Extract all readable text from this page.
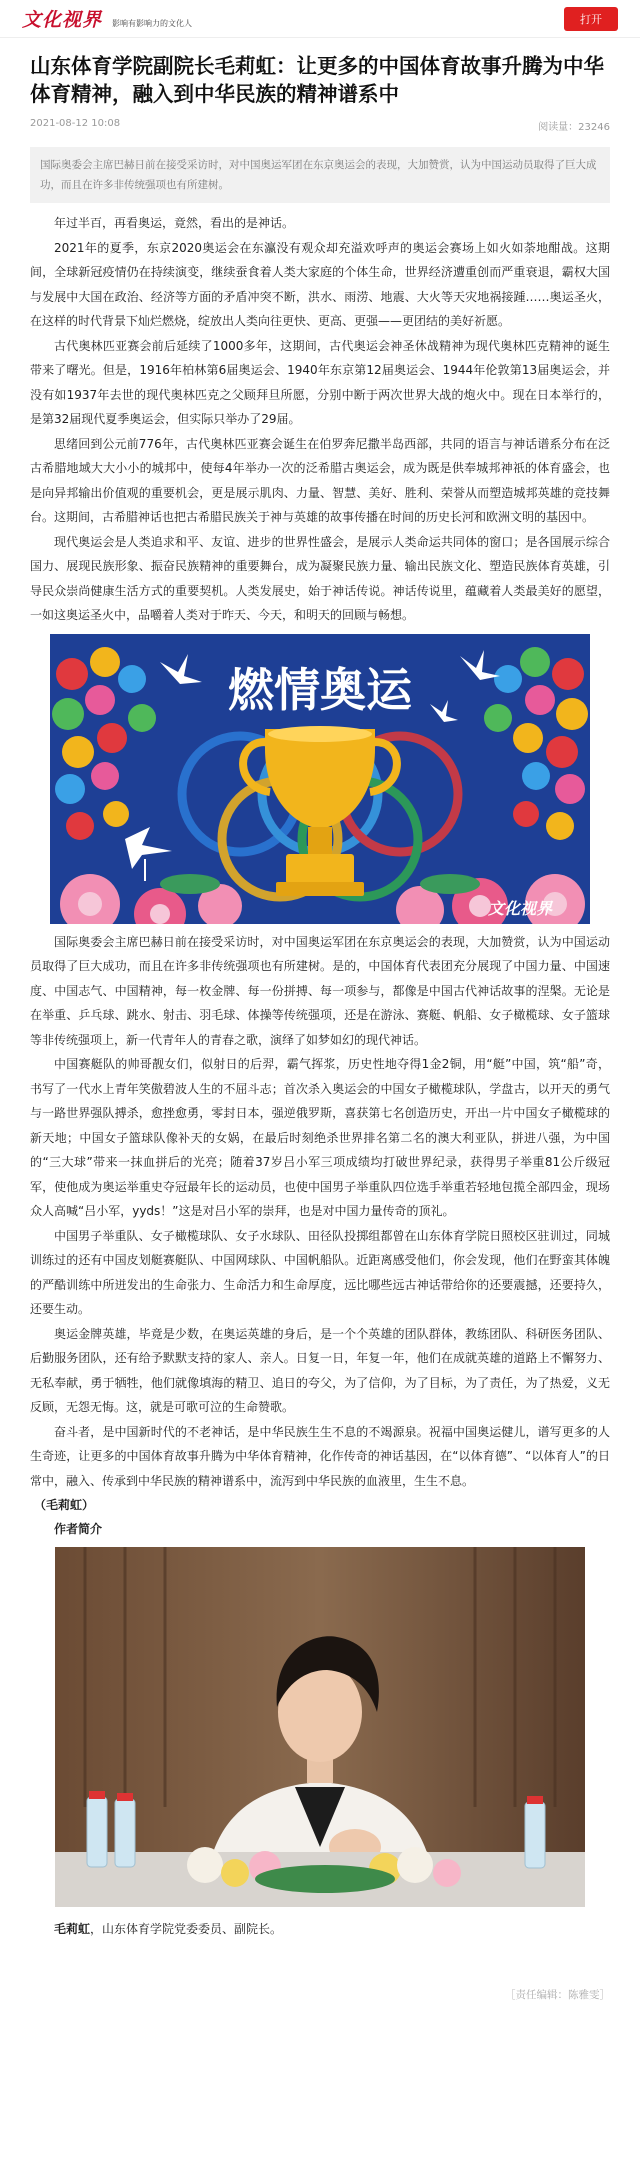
文化视界 影响有影响力的文化人	打开
山东体育学院副院长毛莉虹：让更多的中国体育故事升腾为中华体育精神，融入到中华民族的精神谱系中
2021-08-12 10:08	阅读量：23246
国际奥委会主席巴赫日前在接受采访时，对中国奥运军团在东京奥运会的表现，大加赞赏，认为中国运动员取得了巨大成功，而且在许多非传统强项也有所建树。

年过半百，再看奥运，竟然，看出的是神话。

2021年的夏季，东京2020奥运会在东瀛没有观众却充溢欢呼声的奥运会赛场上如火如荼地酣战。这期间，全球新冠疫情仍在持续演变，继续蚕食着人类大家庭的个体生命，世界经济遭重创而严重衰退，霸权大国与发展中大国在政治、经济等方面的矛盾冲突不断，洪水、雨涝、地震、大火等天灾地祸接踵……奥运圣火，在这样的时代背景下灿烂燃烧，绽放出人类向往更快、更高、更强——更团结的美好祈愿。

古代奥林匹亚赛会前后延续了1000多年，这期间，古代奥运会神圣休战精神为现代奥林匹克精神的诞生带来了曙光。但是，1916年柏林第6届奥运会、1940年东京第12届奥运会、1944年伦敦第13届奥运会，并没有如1937年去世的现代奥林匹克之父顾拜旦所愿，分别中断于两次世界大战的炮火中。现在日本举行的，是第32届现代夏季奥运会，但实际只举办了29届。

思绪回到公元前776年，古代奥林匹亚赛会诞生在伯罗奔尼撒半岛西部，共同的语言与神话谱系分布在泛古希腊地域大大小小的城邦中，使每4年举办一次的泛希腊古奥运会，成为既是供奉城邦神祇的体育盛会，也是向异邦输出价值观的重要机会，更是展示肌肉、力量、智慧、美好、胜利、荣誉从而塑造城邦英雄的竞技舞台。这期间，古希腊神话也把古希腊民族关于神与英雄的故事传播在时间的历史长河和欧洲文明的基因中。

现代奥运会是人类追求和平、友谊、进步的世界性盛会，是展示人类命运共同体的窗口；是各国展示综合国力、展现民族形象、振奋民族精神的重要舞台，成为凝聚民族力量、输出民族文化、塑造民族体育英雄，引导民众崇尚健康生活方式的重要契机。人类发展史，始于神话传说。神话传说里，蕴藏着人类最美好的愿望，一如这奥运圣火中，品嚼着人类对于昨天、今天，和明天的回顾与畅想。

燃情奥运
文化视界

国际奥委会主席巴赫日前在接受采访时，对中国奥运军团在东京奥运会的表现，大加赞赏，认为中国运动员取得了巨大成功，而且在许多非传统强项也有所建树。是的，中国体育代表团充分展现了中国力量、中国速度、中国志气、中国精神，每一枚金牌、每一份拼搏、每一项参与，都像是中国古代神话故事的涅槃。无论是在举重、乒乓球、跳水、射击、羽毛球、体操等传统强项，还是在游泳、赛艇、帆船、女子橄榄球、女子篮球等非传统强项上，新一代青年人的青春之歌，演绎了如梦如幻的现代神话。

中国赛艇队的帅哥靓女们，似射日的后羿，霸气挥浆，历史性地夺得1金2铜，用“艇”中国，筑“船”奇，书写了一代水上青年笑傲碧波人生的不屈斗志；首次杀入奥运会的中国女子橄榄球队，学盘古，以开天的勇气与一路世界强队搏杀，愈挫愈勇，零封日本，强逆俄罗斯，喜获第七名创造历史，开出一片中国女子橄榄球的新天地；中国女子篮球队像补天的女娲，在最后时刻绝杀世界排名第二名的澳大利亚队，拼进八强，为中国的“三大球”带来一抹血拼后的光亮；随着37岁吕小军三项成绩均打破世界纪录，获得男子举重81公斤级冠军，使他成为奥运举重史夺冠最年长的运动员，也使中国男子举重队四位选手举重若轻地包揽全部四金，现场众人高喊“吕小军，yyds！”这是对吕小军的崇拜，也是对中国力量传奇的顶礼。

中国男子举重队、女子橄榄球队、女子水球队、田径队投掷组都曾在山东体育学院日照校区驻训过，同城训练过的还有中国皮划艇赛艇队、中国网球队、中国帆船队。近距离感受他们，你会发现，他们在野蛮其体魄的严酷训练中所迸发出的生命张力、生命活力和生命厚度，远比哪些远古神话带给你的还要震撼，还要持久，还要生动。

奥运金牌英雄，毕竟是少数，在奥运英雄的身后，是一个个英雄的团队群体，教练团队、科研医务团队、后勤服务团队，还有给予默默支持的家人、亲人。日复一日，年复一年，他们在成就英雄的道路上不懈努力、无私奉献，勇于牺牲，他们就像填海的精卫、追日的夸父，为了信仰，为了目标，为了责任，为了热爱，义无反顾，无怨无悔。这，就是可歌可泣的生命赞歌。

奋斗者，是中国新时代的不老神话，是中华民族生生不息的不竭源泉。祝福中国奥运健儿，谱写更多的人生奇迹，让更多的中国体育故事升腾为中华体育精神，化作传奇的神话基因，在“以体育德”、“以体育人”的日常中，融入、传承到中华民族的精神谱系中，流泻到中华民族的血液里，生生不息。

（毛莉虹）
作者简介
毛莉虹，山东体育学院党委委员、副院长。
［责任编辑：陈雅雯］
